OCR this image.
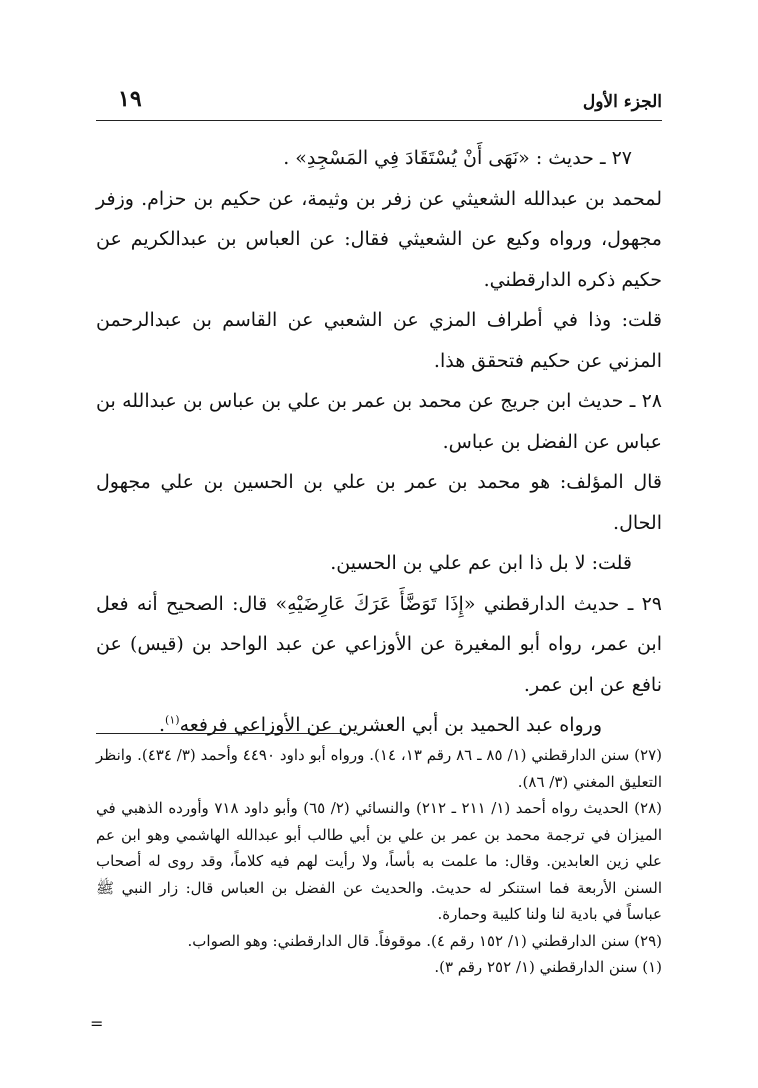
١٩	الجزء الأول

٢٧ ـ حديث : «نَهَى أَنْ يُسْتَقَادَ فِي المَسْجِدِ» .

لمحمد بن عبدالله الشعيثي عن زفر بن وثيمة، عن حكيم بن حزام. وزفر مجهول، ورواه وكيع عن الشعيثي فقال: عن العباس بن عبدالكريم عن حكيم ذكره الدارقطني.

قلت: وذا في أطراف المزي عن الشعبي عن القاسم بن عبدالرحمن المزني عن حكيم فتحقق هذا.

٢٨ ـ حديث ابن جريج عن محمد بن عمر بن علي بن عباس بن عبدالله بن عباس عن الفضل بن عباس.

قال المؤلف: هو محمد بن عمر بن علي بن الحسين بن علي مجهول الحال.

قلت: لا بل ذا ابن عم علي بن الحسين.

٢٩ ـ حديث الدارقطني «إِذَا تَوَضَّأَ عَرَكَ عَارِضَيْهِ» قال: الصحيح أنه فعل ابن عمر، رواه أبو المغيرة عن الأوزاعي عن عبد الواحد بن (قيس) عن نافع عن ابن عمر.

ورواه عبد الحميد بن أبي العشرين عن الأوزاعي فرفعه$^{(١)}$.

(٢٧) سنن الدارقطني (١/ ٨٥ ـ ٨٦ رقم ١٣، ١٤). ورواه أبو داود ٤٤٩٠ وأحمد (٣/ ٤٣٤). وانظر التعليق المغني (٣/ ٨٦).

(٢٨) الحديث رواه أحمد (١/ ٢١١ ـ ٢١٢) والنسائي (٢/ ٦٥) وأبو داود ٧١٨ وأورده الذهبي في الميزان في ترجمة محمد بن عمر بن علي بن أبي طالب أبو عبدالله الهاشمي وهو ابن عم علي زين العابدين. وقال: ما علمت به بأساً، ولا رأيت لهم فيه كلاماً، وقد روى له أصحاب السنن الأربعة فما استنكر له حديث. والحديث عن الفضل بن العباس قال: زار النبي ﷺ عباساً في بادية لنا ولنا كليبة وحمارة.

(٢٩) سنن الدارقطني (١/ ١٥٢ رقم ٤). موقوفاً. قال الدارقطني: وهو الصواب.

(١) سنن الدارقطني (١/ ٢٥٢ رقم ٣).

=
